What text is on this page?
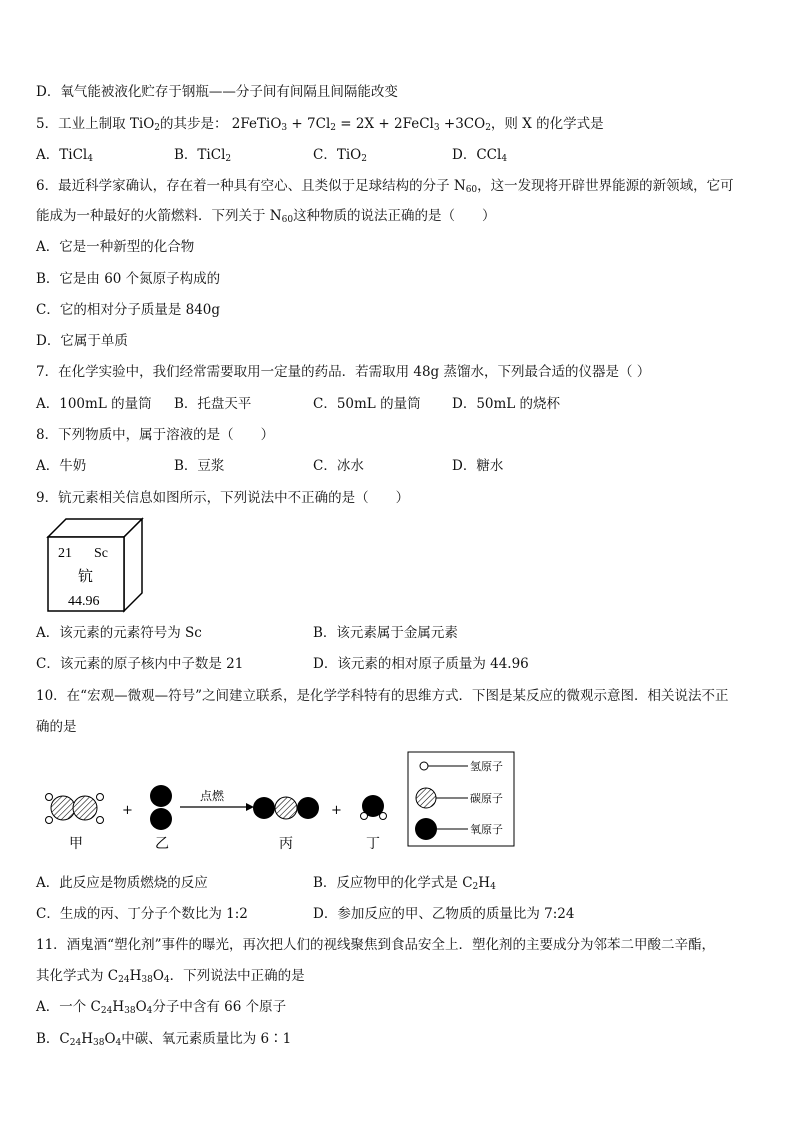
D．氧气能被液化贮存于钢瓶——分子间有间隔且间隔能改变
5．工业上制取 TiO$_2$的其步是： 2FeTiO$_3$ + $7Cl_2 = 2X$ + 2FeCl$_3$ $+3CO_2$，则 X 的化学式是
A．TiCl$_4$	B．TiCl$_2$	C．TiO$_2$	D．CCl$_4$
6．最近科学家确认，存在着一种具有空心、且类似于足球结构的分子 $N_{60}$，这一发现将开辟世界能源的新领域，它可
能成为一种最好的火箭燃料．下列关于 $N_{60}$这种物质的说法正确的是（　　）
A．它是一种新型的化合物
B．它是由 60 个氮原子构成的
C．它的相对分子质量是 840g
D．它属于单质
7．在化学实验中，我们经常需要取用一定量的药品．若需取用 48g 蒸馏水，下列最合适的仪器是（ ）
A．100mL 的量筒 B．托盘天平	C．50mL 的量筒 D．50mL 的烧杯
8．下列物质中，属于溶液的是（　　）
A．牛奶	B．豆浆	C．冰水	D．糖水
9．钪元素相关信息如图所示，下列说法中不正确的是（　　）
21 Sc
钪
44.96
A．该元素的元素符号为 Sc	B．该元素属于金属元素
C．该元素的原子核内中子数是 21	D．该元素的相对原子质量为 44.96
10．在“宏观—微观—符号”之间建立联系，是化学学科特有的思维方式．下图是某反应的微观示意图．相关说法不正
确的是
+
点燃
+
甲	乙	丙	丁
氢原子
碳原子
氧原子
A．此反应是物质燃烧的反应	B．反应物甲的化学式是 $C_2H_4$
C．生成的丙、丁分子个数比为 1:2	D．参加反应的甲、乙物质的质量比为 7:24
11．酒鬼酒“塑化剂”事件的曝光，再次把人们的视线聚焦到食品安全上．塑化剂的主要成分为邻苯二甲酸二辛酯，
其化学式为 $C_{24}H_{38}O_4$．下列说法中正确的是
A．一个 $C_{24}H_{38}O_4$分子中含有 66 个原子
B．$C_{24}H_{38}O_4$中碳、氧元素质量比为 6∶1
